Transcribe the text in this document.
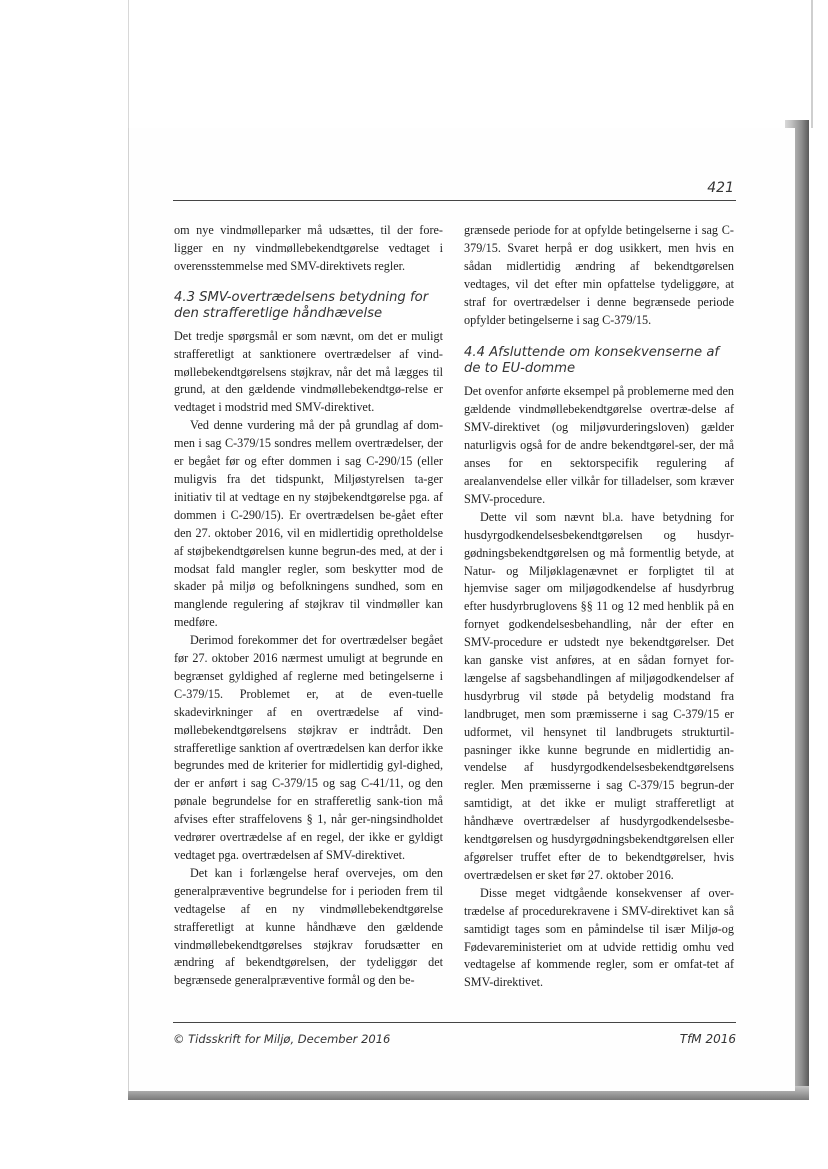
421

om nye vindmølleparker må udsættes, til der fore-ligger en ny vindmøllebekendtgørelse vedtaget i overensstemmelse med SMV-direktivets regler.

4.3 SMV-overtrædelsens betydning for den strafferetlige håndhævelse

Det tredje spørgsmål er som nævnt, om det er muligt strafferetligt at sanktionere overtrædelser af vind-møllebekendtgørelsens støjkrav, når det må lægges til grund, at den gældende vindmøllebekendtgø-relse er vedtaget i modstrid med SMV-direktivet.

Ved denne vurdering må der på grundlag af dom-men i sag C-379/15 sondres mellem overtrædelser, der er begået før og efter dommen i sag C-290/15 (eller muligvis fra det tidspunkt, Miljøstyrelsen ta-ger initiativ til at vedtage en ny støjbekendtgørelse pga. af dommen i C-290/15). Er overtrædelsen be-gået efter den 27. oktober 2016, vil en midlertidig opretholdelse af støjbekendtgørelsen kunne begrun-des med, at der i modsat fald mangler regler, som beskytter mod de skader på miljø og befolkningens sundhed, som en manglende regulering af støjkrav til vindmøller kan medføre.

Derimod forekommer det for overtrædelser begået før 27. oktober 2016 nærmest umuligt at begrunde en begrænset gyldighed af reglerne med betingelserne i C-379/15. Problemet er, at de even-tuelle skadevirkninger af en overtrædelse af vind-møllebekendtgørelsens støjkrav er indtrådt. Den strafferetlige sanktion af overtrædelsen kan derfor ikke begrundes med de kriterier for midlertidig gyl-dighed, der er anført i sag C-379/15 og sag C-41/11, og den pønale begrundelse for en strafferetlig sank-tion må afvises efter straffelovens § 1, når ger-ningsindholdet vedrører overtrædelse af en regel, der ikke er gyldigt vedtaget pga. overtrædelsen af SMV-direktivet.

Det kan i forlængelse heraf overvejes, om den generalpræventive begrundelse for i perioden frem til vedtagelse af en ny vindmøllebekendtgørelse strafferetligt at kunne håndhæve den gældende vindmøllebekendtgørelses støjkrav forudsætter en ændring af bekendtgørelsen, der tydeliggør det begrænsede generalpræventive formål og den be-

grænsede periode for at opfylde betingelserne i sag C-379/15. Svaret herpå er dog usikkert, men hvis en sådan midlertidig ændring af bekendtgørelsen vedtages, vil det efter min opfattelse tydeliggøre, at straf for overtrædelser i denne begrænsede periode opfylder betingelserne i sag C-379/15.

4.4 Afsluttende om konsekvenserne af de to EU-domme

Det ovenfor anførte eksempel på problemerne med den gældende vindmøllebekendtgørelse overtræ-delse af SMV-direktivet (og miljøvurderingsloven) gælder naturligvis også for de andre bekendtgørel-ser, der må anses for en sektorspecifik regulering af arealanvendelse eller vilkår for tilladelser, som kræver SMV-procedure.

Dette vil som nævnt bl.a. have betydning for husdyrgodkendelsesbekendtgørelsen og husdyr-gødningsbekendtgørelsen og må formentlig betyde, at Natur- og Miljøklagenævnet er forpligtet til at hjemvise sager om miljøgodkendelse af husdyrbrug efter husdyrbruglovens §§ 11 og 12 med henblik på en fornyet godkendelsesbehandling, når der efter en SMV-procedure er udstedt nye bekendtgørelser. Det kan ganske vist anføres, at en sådan fornyet for-længelse af sagsbehandlingen af miljøgodkendelser af husdyrbrug vil støde på betydelig modstand fra landbruget, men som præmisserne i sag C-379/15 er udformet, vil hensynet til landbrugets strukturtil-pasninger ikke kunne begrunde en midlertidig an-vendelse af husdyrgodkendelsesbekendtgørelsens regler. Men præmisserne i sag C-379/15 begrun-der samtidigt, at det ikke er muligt strafferetligt at håndhæve overtrædelser af husdyrgodkendelsesbe-kendtgørelsen og husdyrgødningsbekendtgørelsen eller afgørelser truffet efter de to bekendtgørelser, hvis overtrædelsen er sket før 27. oktober 2016.

Disse meget vidtgående konsekvenser af over-trædelse af procedurekravene i SMV-direktivet kan så samtidigt tages som en påmindelse til især Miljø-og Fødevareministeriet om at udvide rettidig omhu ved vedtagelse af kommende regler, som er omfat-tet af SMV-direktivet.

© Tidsskrift for Miljø, December 2016	TfM 2016
